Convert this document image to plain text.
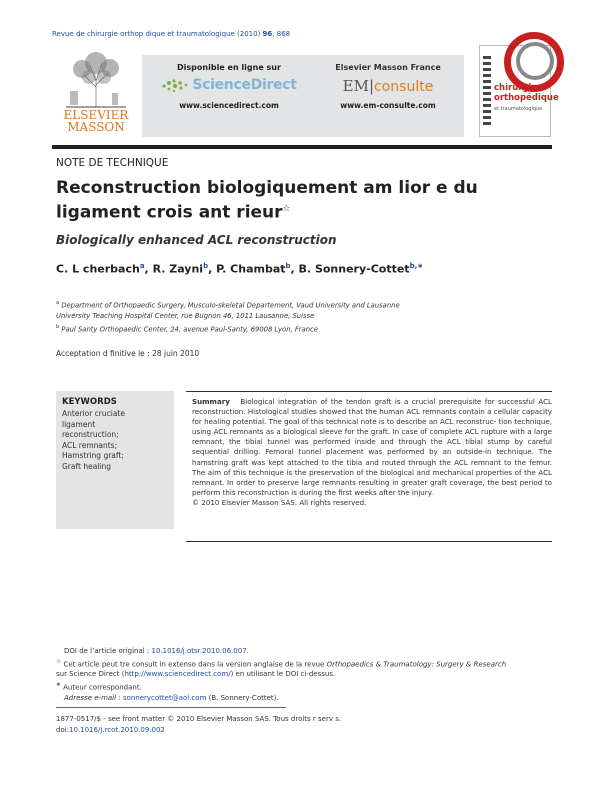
Revue de chirurgie orthop dique et traumatologique (2010) 96, 868
ELSEVIER
MASSON
Disponible en ligne sur
ScienceDirect
www.sciencedirect.com
Elsevier Masson France
EM|consulte
www.em-consulte.com
chirurgie
orthopédique
et traumatologique
NOTE DE TECHNIQUE
Reconstruction biologiquement am lior e du
ligament crois ant rieur☆
Biologically enhanced ACL reconstruction
C. L cherbach$^a$, R. Zayni$^b$, P. Chambat$^b$, B. Sonnery-Cottet$^{b,∗}$
$^a$ Department of Orthopaedic Surgery, Musculo-skeletal Departement, Vaud University and Lausanne
University Teaching Hospital Center, rue Bugnon 46, 1011 Lausanne, Suisse
$^b$ Paul Santy Orthopaedic Center, 24, avenue Paul-Santy, 69008 Lyon, France
Acceptation d finitive le : 28 juin 2010
KEYWORDS
Anterior cruciate
ligament
reconstruction;
ACL remnants;
Hamstring graft;
Graft healing
Summary Biological integration of the tendon graft is a crucial prerequisite for successful ACL reconstruction. Histological studies showed that the human ACL remnants contain a cellular capacity for healing potential. The goal of this technical note is to describe an ACL reconstruc- tion technique, using ACL remnants as a biological sleeve for the graft. In case of complete ACL rupture with a large remnant, the tibial tunnel was performed inside and through the ACL tibial stump by careful sequential drilling. Femoral tunnel placement was performed by an outside-in technique. The hamstring graft was kept attached to the tibia and routed through the ACL remnant to the femur. The aim of this technique is the preservation of the biological and mechanical properties of the ACL remnant. In order to preserve large remnants resulting in greater graft coverage, the best period to perform this reconstruction is during the first weeks after the injury.
© 2010 Elsevier Masson SAS. All rights reserved.
DOI de l’article original : 10.1016/j.otsr.2010.06.007.
☆ Cet article peut tre consult in extenso dans la version anglaise de la revue Orthopaedics & Traumatology: Surgery & Research
sur Science Direct (http://www.sciencedirect.com/) en utilisant le DOI ci-dessus.
∗ Auteur correspondant.
Adresse e-mail : sonnerycottet@aol.com (B. Sonnery-Cottet).
1877-0517/$ - see front matter © 2010 Elsevier Masson SAS. Tous droits r serv s.
doi:10.1016/j.rcot.2010.09.002
